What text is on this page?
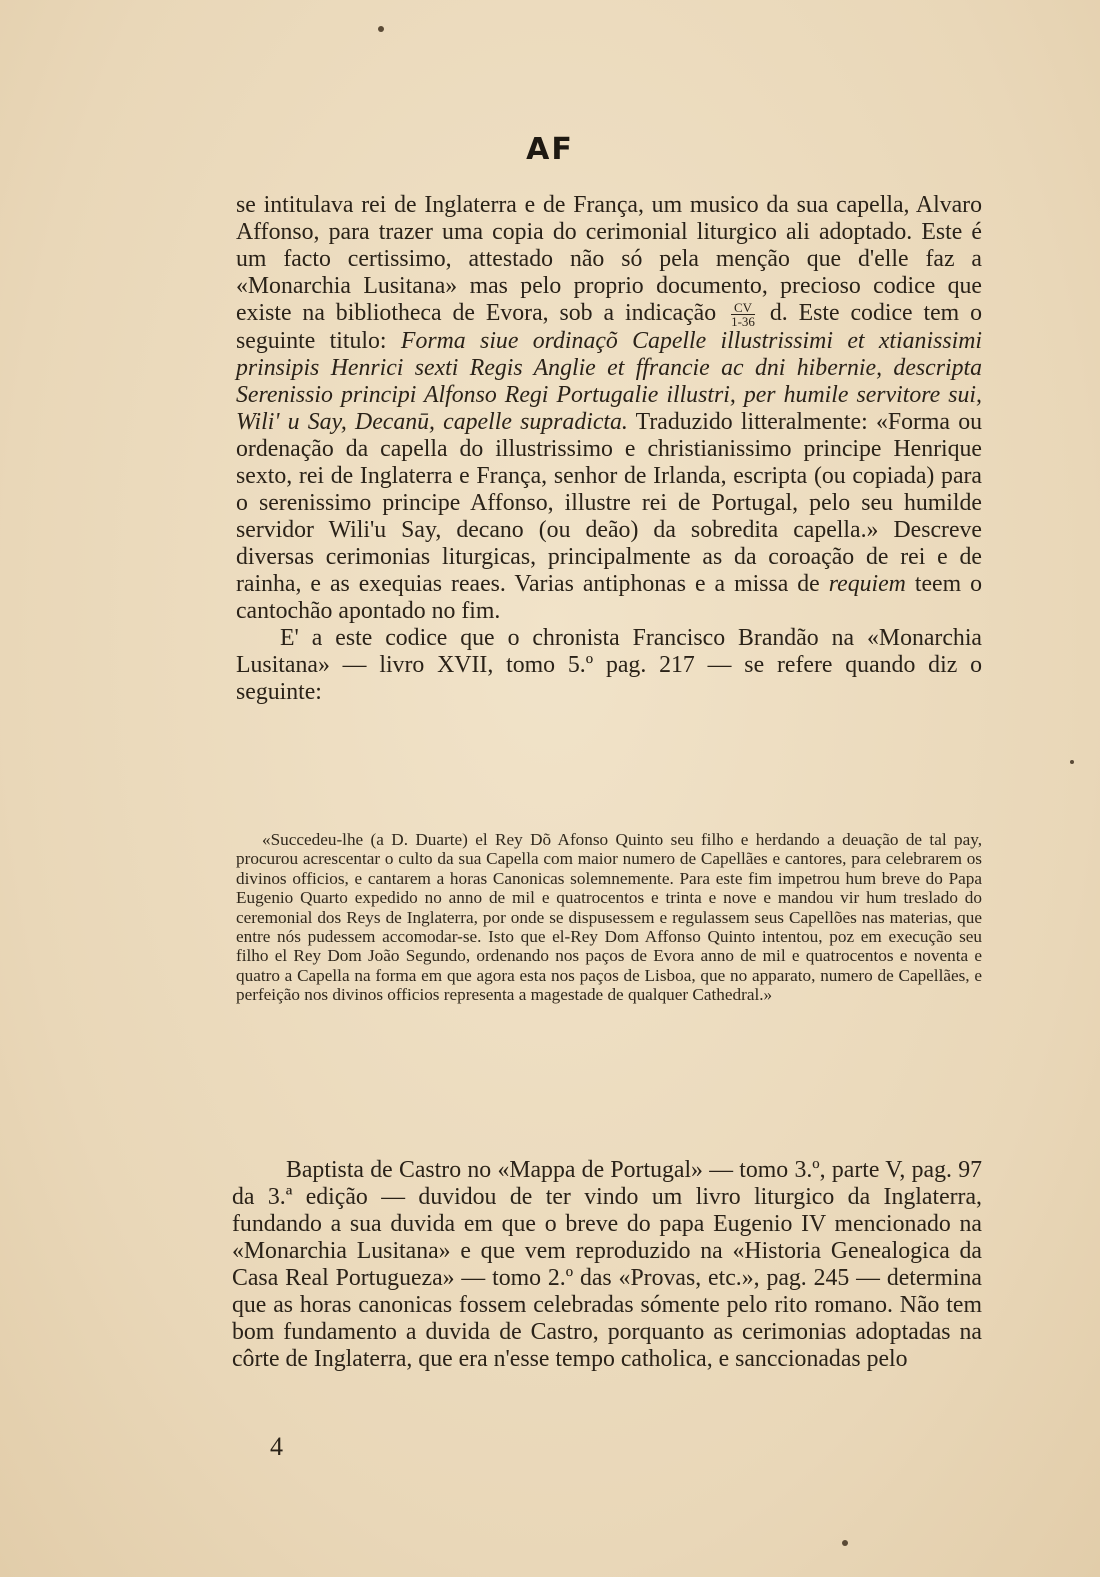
AF

se intitulava rei de Inglaterra e de França, um musico da sua capella, Alvaro Affonso, para trazer uma copia do cerimonial liturgico ali adoptado. Este é um facto certissimo, attestado não só pela menção que d'elle faz a «Monarchia Lusitana» mas pelo proprio documento, precioso codice que existe na bibliotheca de Evora, sob a indicação $\frac{CV}{1-36} d$. Este codice tem o seguinte titulo: Forma siue ordinaçõ Capelle illustrissimi et xtianissimi prinsipis Henrici sexti Regis Anglie et ffrancie ac dni hibernie, descripta Serenissio principi Alfonso Regi Portugalie illustri, per humile servitore sui, Wili' u Say, Decanū, capelle supradicta. Traduzido litteralmente: «Forma ou ordenação da capella do illustrissimo e christianissimo principe Henrique sexto, rei de Inglaterra e França, senhor de Irlanda, escripta (ou copiada) para o serenissimo principe Affonso, illustre rei de Portugal, pelo seu humilde servidor Wili'u Say, decano (ou deão) da sobredita capella.» Descreve diversas cerimonias liturgicas, principalmente as da coroação de rei e de rainha, e as exequias reaes. Varias antiphonas e a missa de requiem teem o cantochão apontado no fim.

E' a este codice que o chronista Francisco Brandão na «Monarchia Lusitana» — livro XVII, tomo 5.º pag. 217 — se refere quando diz o seguinte:

«Succedeu-lhe (a D. Duarte) el Rey Dõ Afonso Quinto seu filho e herdando a deuação de tal pay, procurou acrescentar o culto da sua Capella com maior numero de Capellães e cantores, para celebrarem os divinos officios, e cantarem a horas Canonicas solemnemente. Para este fim impetrou hum breve do Papa Eugenio Quarto expedido no anno de mil e quatrocentos e trinta e nove e mandou vir hum treslado do ceremonial dos Reys de Inglaterra, por onde se dispusessem e regulassem seus Capellões nas materias, que entre nós pudessem accomodar-se. Isto que el-Rey Dom Affonso Quinto intentou, poz em execução seu filho el Rey Dom João Segundo, ordenando nos paços de Evora anno de mil e quatrocentos e noventa e quatro a Capella na forma em que agora esta nos paços de Lisboa, que no apparato, numero de Capellães, e perfeição nos divinos officios representa a magestade de qualquer Cathedral.»

Baptista de Castro no «Mappa de Portugal» — tomo 3.º, parte V, pag. 97 da 3.ª edição — duvidou de ter vindo um livro liturgico da Inglaterra, fundando a sua duvida em que o breve do papa Eugenio IV mencionado na «Monarchia Lusitana» e que vem reproduzido na «Historia Genealogica da Casa Real Portugueza» — tomo 2.º das «Provas, etc.», pag. 245 — determina que as horas canonicas fossem celebradas sómente pelo rito romano. Não tem bom fundamento a duvida de Castro, porquanto as cerimonias adoptadas na côrte de Inglaterra, que era n'esse tempo catholica, e sanccionadas pelo

4
